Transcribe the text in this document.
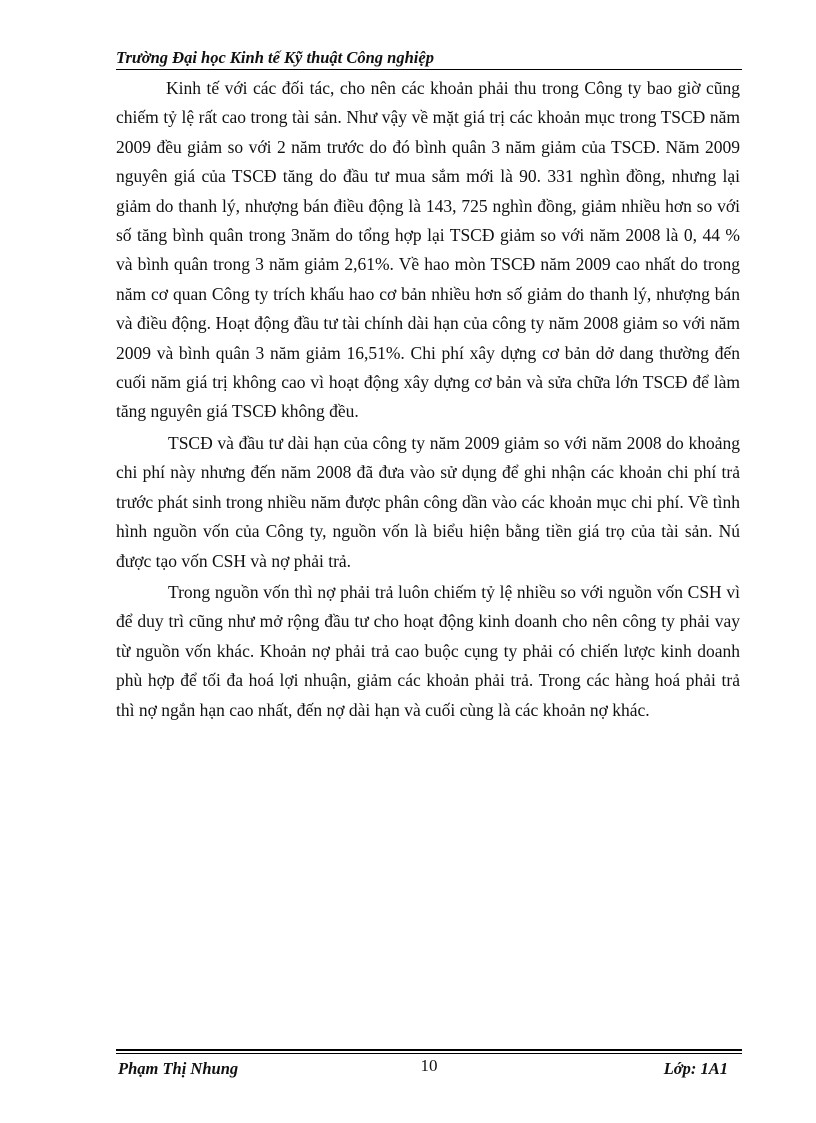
Trường Đại học Kinh tế Kỹ thuật Công nghiệp

Kinh tế với các đối tác, cho nên các khoản phải thu trong Công ty bao giờ cũng chiếm tỷ lệ rất cao trong tài sản. Như vậy về mặt giá trị các khoản mục trong TSCĐ năm 2009 đều giảm so với 2 năm trước do đó bình quân 3 năm giảm của TSCĐ. Năm 2009 nguyên giá của TSCĐ tăng do đầu tư mua sắm mới là 90. 331 nghìn đồng, nhưng lại giảm do thanh lý, nhượng bán điều động là 143, 725 nghìn đồng, giảm nhiều hơn so với số tăng bình quân trong 3năm do tổng hợp lại TSCĐ giảm so với năm 2008 là 0, 44 % và bình quân trong 3 năm giảm 2,61%. Về hao mòn TSCĐ năm 2009 cao nhất do trong năm cơ quan Công ty trích khấu hao cơ bản nhiều hơn số giảm do thanh lý, nhượng bán và điều động. Hoạt động đầu tư tài chính dài hạn của công ty năm 2008 giảm so với năm 2009 và bình quân 3 năm giảm 16,51%. Chi phí xây dựng cơ bản dở dang thường đến cuối năm giá trị không cao vì hoạt động xây dựng cơ bản và sửa chữa lớn TSCĐ để làm tăng nguyên giá TSCĐ không đều.

TSCĐ và đầu tư dài hạn của công ty năm 2009 giảm so với năm 2008 do khoảng chi phí này nhưng đến năm 2008 đã đưa vào sử dụng để ghi nhận các khoản chi phí trả trước phát sinh trong nhiều năm được phân công dần vào các khoản mục chi phí. Về tình hình nguồn vốn của Công ty, nguồn vốn là biểu hiện bằng tiền giá trọ của tài sản. Nú được tạo vốn CSH và nợ phải trả.

Trong nguồn vốn thì nợ phải trả luôn chiếm tỷ lệ nhiều so với nguồn vốn CSH vì để duy trì cũng như mở rộng đầu tư cho hoạt động kinh doanh cho nên công ty phải vay từ nguồn vốn khác. Khoản nợ phải trả cao buộc cụng ty phải có chiến lược kinh doanh phù hợp để tối đa hoá lợi nhuận, giảm các khoản phải trả. Trong các hàng hoá phải trả thì nợ ngắn hạn cao nhất, đến nợ dài hạn và cuối cùng là các khoản nợ khác.

Phạm Thị Nhung	10	Lớp: 1A1
